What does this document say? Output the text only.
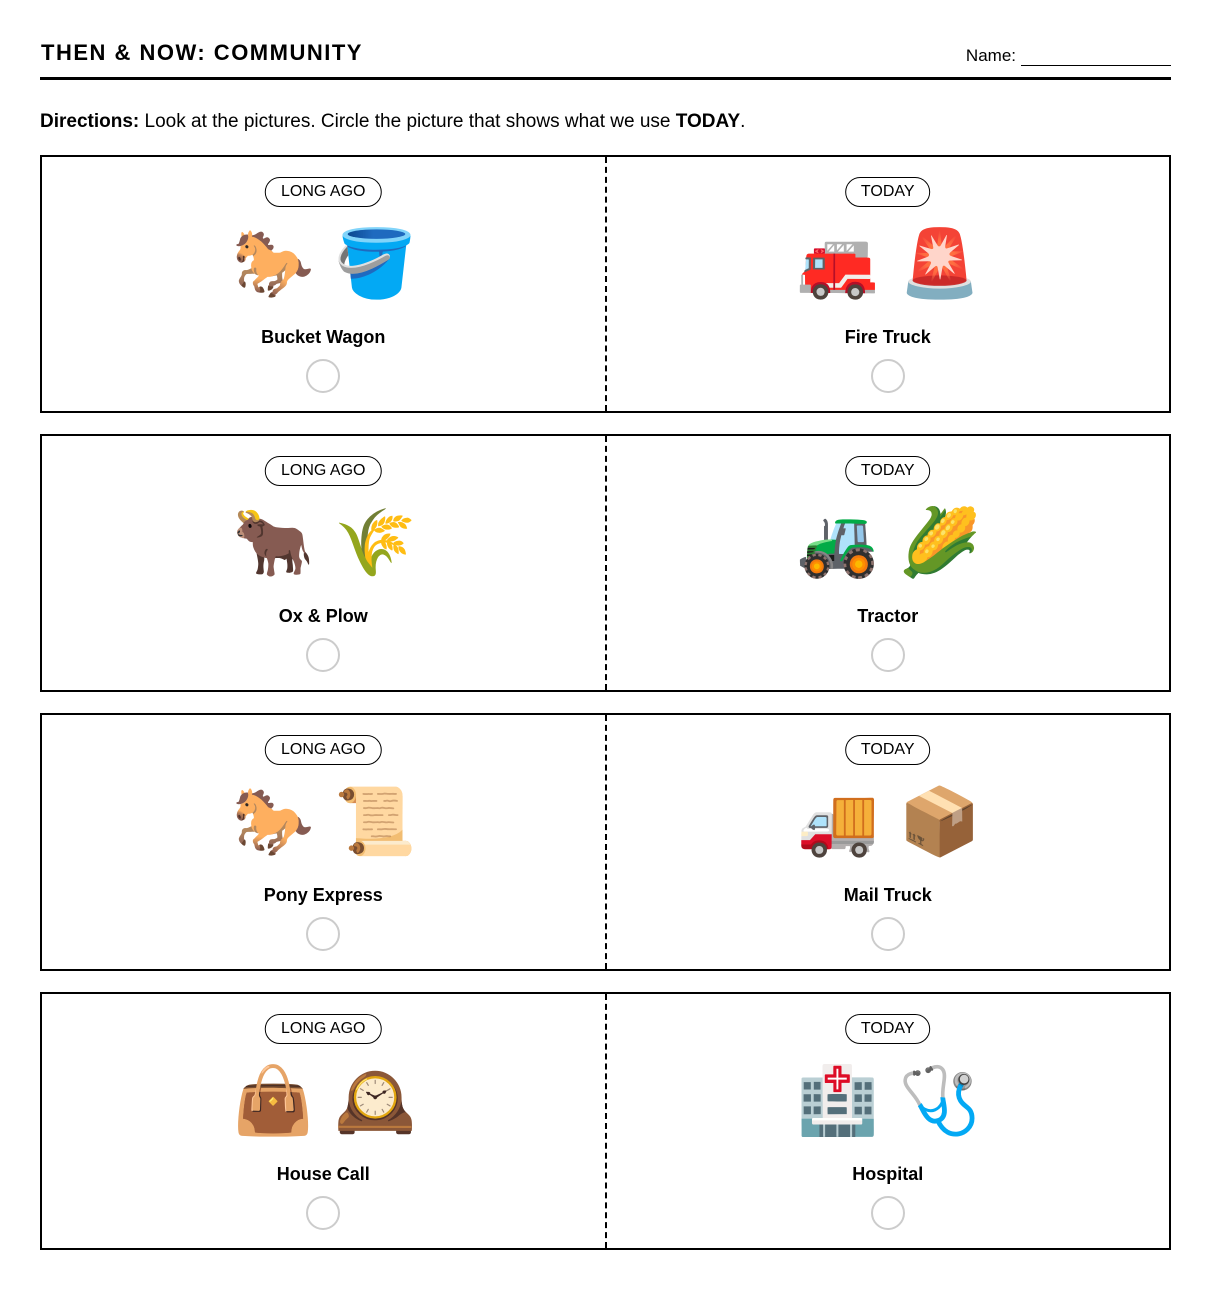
THEN & NOW: COMMUNITY	Name:
Directions: Look at the pictures. Circle the picture that shows what we use TODAY.
LONG AGO
🐎 🪣
Bucket Wagon
TODAY
🚒 🚨
Fire Truck
LONG AGO
🐂 🌾
Ox & Plow
TODAY
🚜 🌽
Tractor
LONG AGO
🐎 📜
Pony Express
TODAY
🚚 📦
Mail Truck
LONG AGO
👜 🕰️
House Call
TODAY
🏥 🩺
Hospital
